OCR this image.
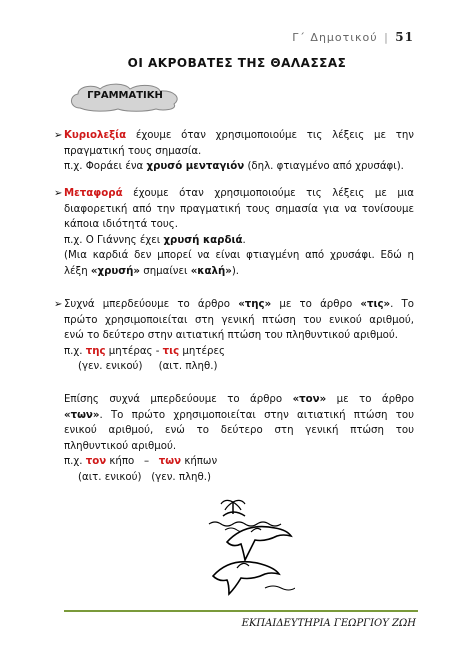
Γ΄ Δημοτικού | 51
ΟΙ ΑΚΡΟΒΑΤΕΣ ΤΗΣ ΘΑΛΑΣΣΑΣ
ΓΡΑΜΜΑΤΙΚΗ
➢ Κυριολεξία έχουμε όταν χρησιμοποιούμε τις λέξεις με την

πραγματική τους σημασία.

π.χ. Φοράει ένα χρυσό μενταγιόν (δηλ. φτιαγμένο από χρυσάφι).

➢ Μεταφορά έχουμε όταν χρησιμοποιούμε τις λέξεις με μια

διαφορετική από την πραγματική τους σημασία για να τονίσουμε

κάποια ιδιότητά τους.

π.χ. Ο Γιάννης έχει χρυσή καρδιά.

(Μια καρδιά δεν μπορεί να είναι φτιαγμένη από χρυσάφι. Εδώ η

λέξη «χρυσή» σημαίνει «καλή»).

➢ Συχνά μπερδεύουμε το άρθρο «της» με το άρθρο «τις». Το

πρώτο χρησιμοποιείται στη γενική πτώση του ενικού αριθμού,

ενώ το δεύτερο στην αιτιατική πτώση του πληθυντικού αριθμού.

π.χ. της μητέρας - τις μητέρες

(γεν. ενικού)     (αιτ. πληθ.)

Επίσης συχνά μπερδεύουμε το άρθρο «τον» με το άρθρο

«των». Το πρώτο χρησιμοποιείται στην αιτιατική πτώση του

ενικού αριθμού, ενώ το δεύτερο στη γενική πτώση του

πληθυντικού αριθμού.

π.χ. τον κήπο   –   των κήπων

(αιτ. ενικού)   (γεν. πληθ.)

ΕΚΠΑΙΔΕΥΤΗΡΙΑ ΓΕΩΡΓΙΟΥ ΖΩΗ
